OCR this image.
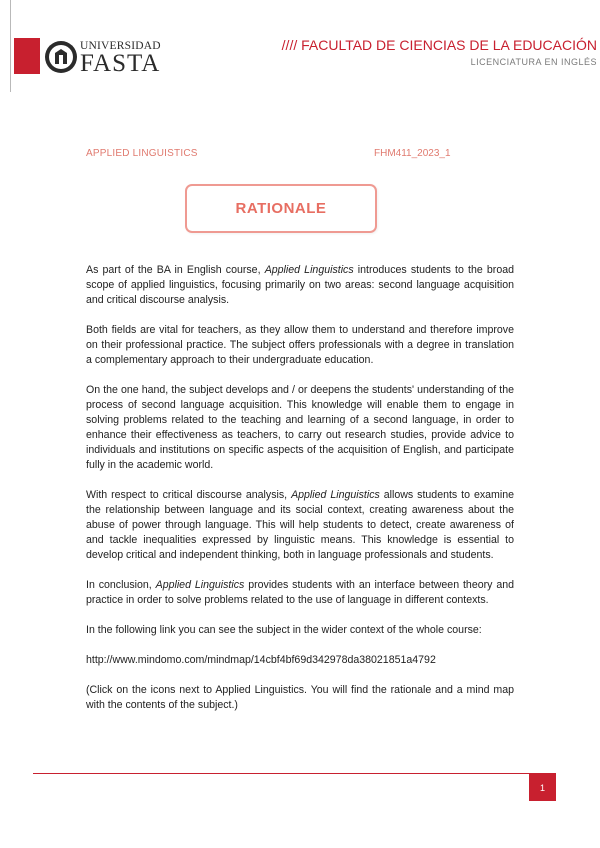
UNIVERSIDAD
FASTA
//// FACULTAD DE CIENCIAS DE LA EDUCACIÓN
LICENCIATURA EN INGLÉS
APPLIED LINGUISTICS	FHM411_2023_1
RATIONALE

As part of the BA in English course, Applied Linguistics introduces students to the broad scope of applied linguistics, focusing primarily on two areas: second language acquisition and critical discourse analysis.

Both fields are vital for teachers, as they allow them to understand and therefore improve on their professional practice. The subject offers professionals with a degree in translation a complementary approach to their undergraduate education.

On the one hand, the subject develops and / or deepens the students' understanding of the process of second language acquisition. This knowledge will enable them to engage in solving problems related to the teaching and learning of a second language, in order to enhance their effectiveness as teachers, to carry out research studies, provide advice to individuals and institutions on specific aspects of the acquisition of English, and participate fully in the academic world.

With respect to critical discourse analysis, Applied Linguistics allows students to examine the relationship between language and its social context, creating awareness about the abuse of power through language. This will help students to detect, create awareness of and tackle inequalities expressed by linguistic means. This knowledge is essential to develop critical and independent thinking, both in language professionals and students.

In conclusion, Applied Linguistics provides students with an interface between theory and practice in order to solve problems related to the use of language in different contexts.

In the following link you can see the subject in the wider context of the whole course:

http://www.mindomo.com/mindmap/14cbf4bf69d342978da38021851a4792

(Click on the icons next to Applied Linguistics. You will find the rationale and a mind map with the contents of the subject.)

1
